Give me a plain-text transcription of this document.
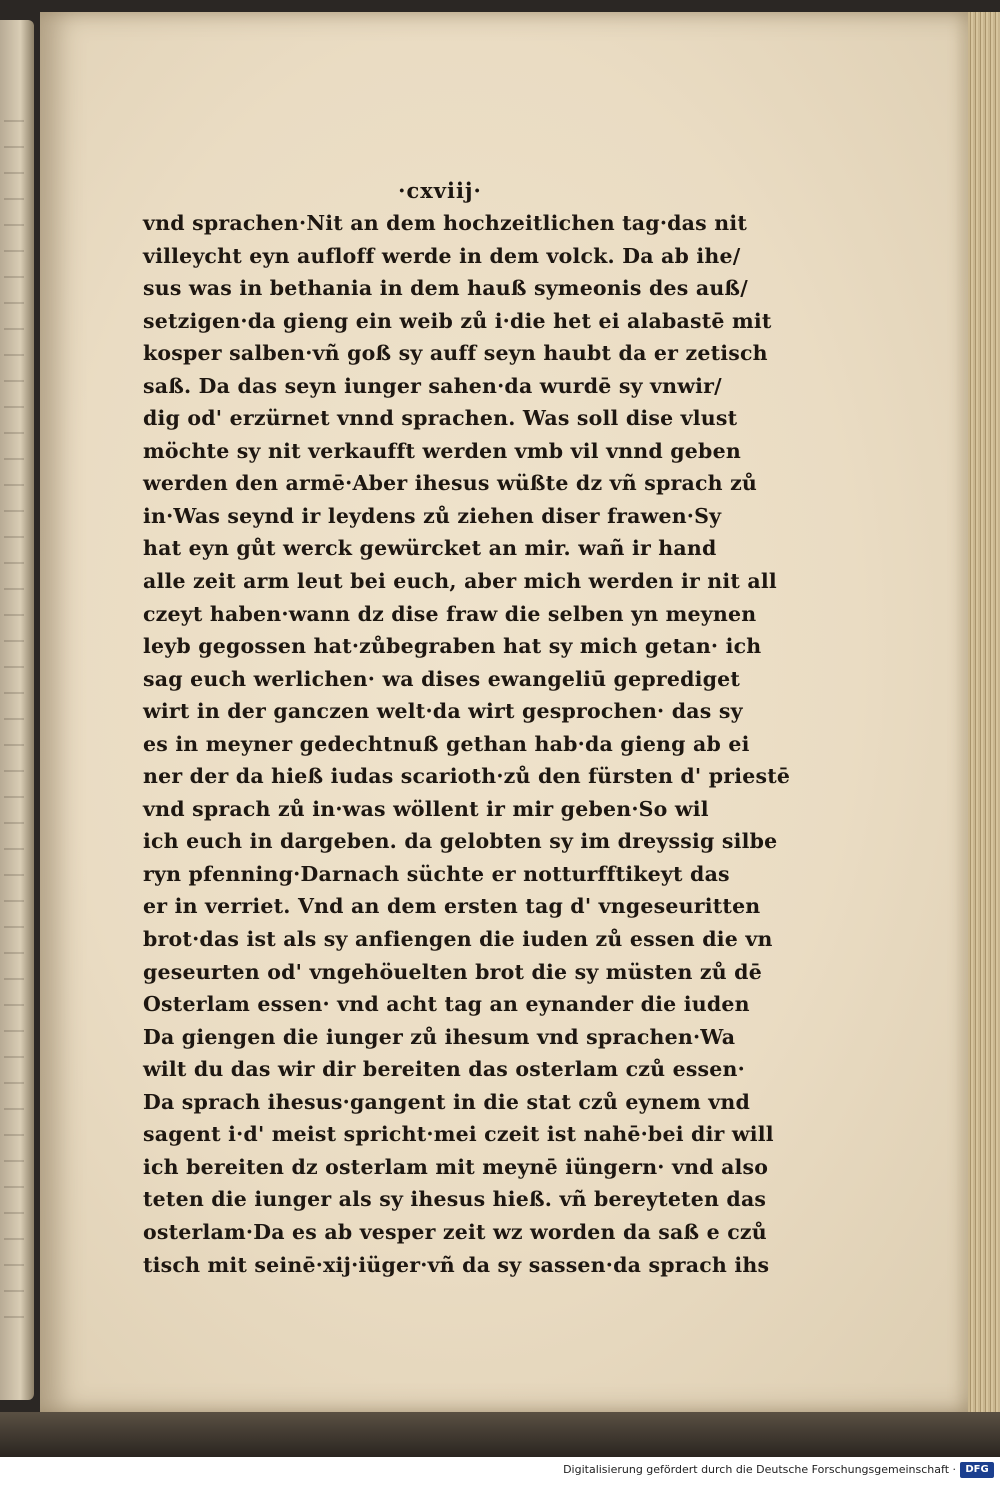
·cxviij·
vnd sprachen·Nit an dem hochzeitlichen tag·das nit
villeycht eyn aufloff werde in dem volck. Da ab ihe/
sus was in bethania in dem hauß symeonis des auß/
setzigen·da gieng ein weib zů i·die het ei alabastē mit
kosper salben·vñ goß sy auff seyn haubt da er zetisch
saß. Da das seyn iunger sahen·da wurdē sy vnwir/
dig od' erzürnet vnnd sprachen. Was soll dise vlust
möchte sy nit verkaufft werden vmb vil vnnd geben
werden den armē·Aber ihesus wüßte dz vñ sprach zů
in·Was seynd ir leydens zů ziehen diser frawen·Sy
hat eyn gůt werck gewürcket an mir. wañ ir hand
alle zeit arm leut bei euch, aber mich werden ir nit all
czeyt haben·wann dz dise fraw die selben yn meynen
leyb gegossen hat·zůbegraben hat sy mich getan· ich
sag euch werlichen· wa dises ewangeliū geprediget
wirt in der ganczen welt·da wirt gesprochen· das sy
es in meyner gedechtnuß gethan hab·da gieng ab ei
ner der da hieß iudas scarioth·zů den fürsten d' priestē
vnd sprach zů in·was wöllent ir mir geben·So wil
ich euch in dargeben. da gelobten sy im dreyssig silbe
ryn pfenning·Darnach süchte er notturfftikeyt das
er in verriet. Vnd an dem ersten tag d' vngeseuritten
brot·das ist als sy anfiengen die iuden zů essen die vn
geseurten od' vngehöuelten brot die sy müsten zů dē
Osterlam essen· vnd acht tag an eynander die iuden
Da giengen die iunger zů ihesum vnd sprachen·Wa
wilt du das wir dir bereiten das osterlam czů essen·
Da sprach ihesus·gangent in die stat czů eynem vnd
sagent i·d' meist spricht·mei czeit ist nahē·bei dir will
ich bereiten dz osterlam mit meynē iüngern· vnd also
teten die iunger als sy ihesus hieß. vñ bereyteten das
osterlam·Da es ab vesper zeit wz worden da saß e czů
tisch mit seinē·xij·iüger·vñ da sy sassen·da sprach ihs
Digitalisierung gefördert durch die Deutsche Forschungsgemeinschaft · DFG
